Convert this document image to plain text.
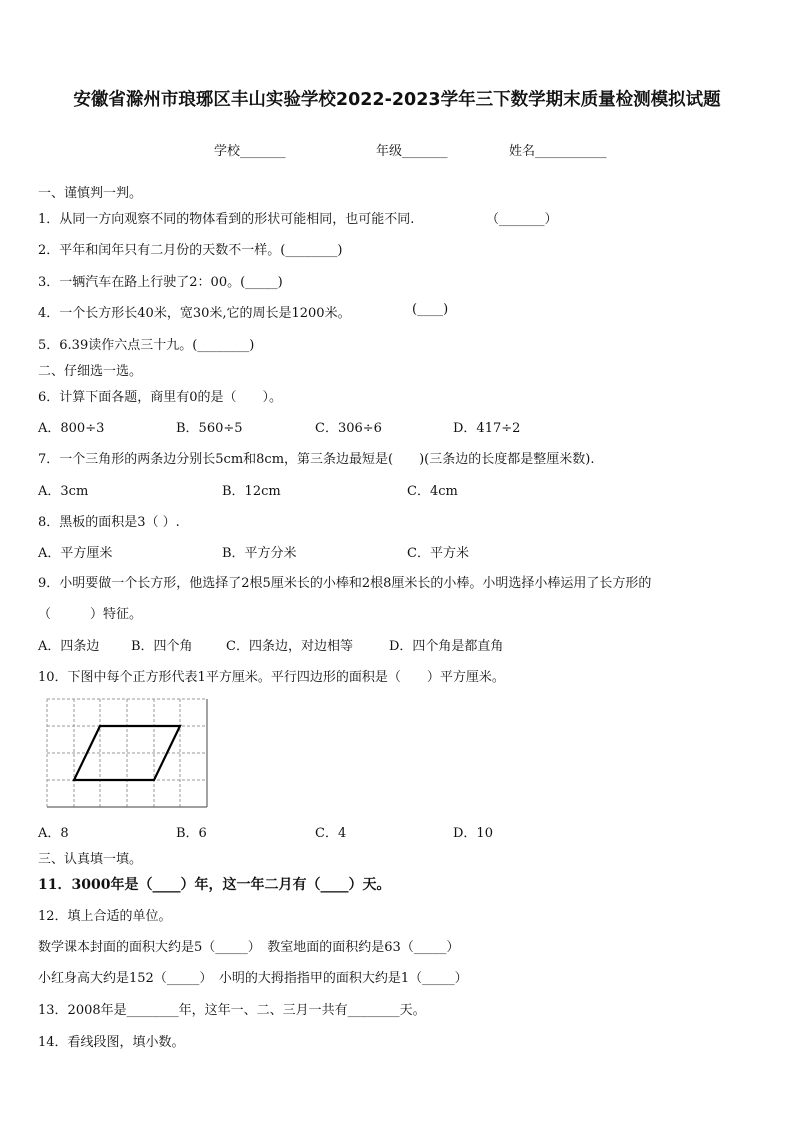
安徽省滁州市琅琊区丰山实验学校2022-2023学年三下数学期末质量检测模拟试题
学校_______	年级_______	姓名___________
一、谨慎判一判。
1．从同一方向观察不同的物体看到的形状可能相同，也可能不同.	（_______）
2．平年和闰年只有二月份的天数不一样。(________)
3．一辆汽车在路上行驶了2：00。(_____)
4．一个长方形长40米，宽30米,它的周长是1200米。	(____)
5．6.39读作六点三十九。(________)
二、仔细选一选。
6．计算下面各题，商里有0的是（　　）。
A．800÷3	B．560÷5	C．306÷6	D．417÷2
7．一个三角形的两条边分别长5cm和8cm，第三条边最短是(　　)(三条边的长度都是整厘米数).
A．3cm	B．12cm	C．4cm
8．黑板的面积是3（ ）.
A．平方厘米	B．平方分米	C．平方米
9．小明要做一个长方形，他选择了2根5厘米长的小棒和2根8厘米长的小棒。小明选择小棒运用了长方形的
（　　　）特征。
A．四条边 B．四个角	C．四条边，对边相等	D．四个角是都直角
10．下图中每个正方形代表1平方厘米。平行四边形的面积是（　　）平方厘米。
A．8	B．6	C．4	D．10
三、认真填一填。
11．3000年是（____）年，这一年二月有（____）天。
12．填上合适的单位。
数学课本封面的面积大约是5（_____）　教室地面的面积约是63（_____）
小红身高大约是152（_____）　小明的大拇指指甲的面积大约是1（_____）
13．2008年是________年，这年一、二、三月一共有________天。
14．看线段图，填小数。
